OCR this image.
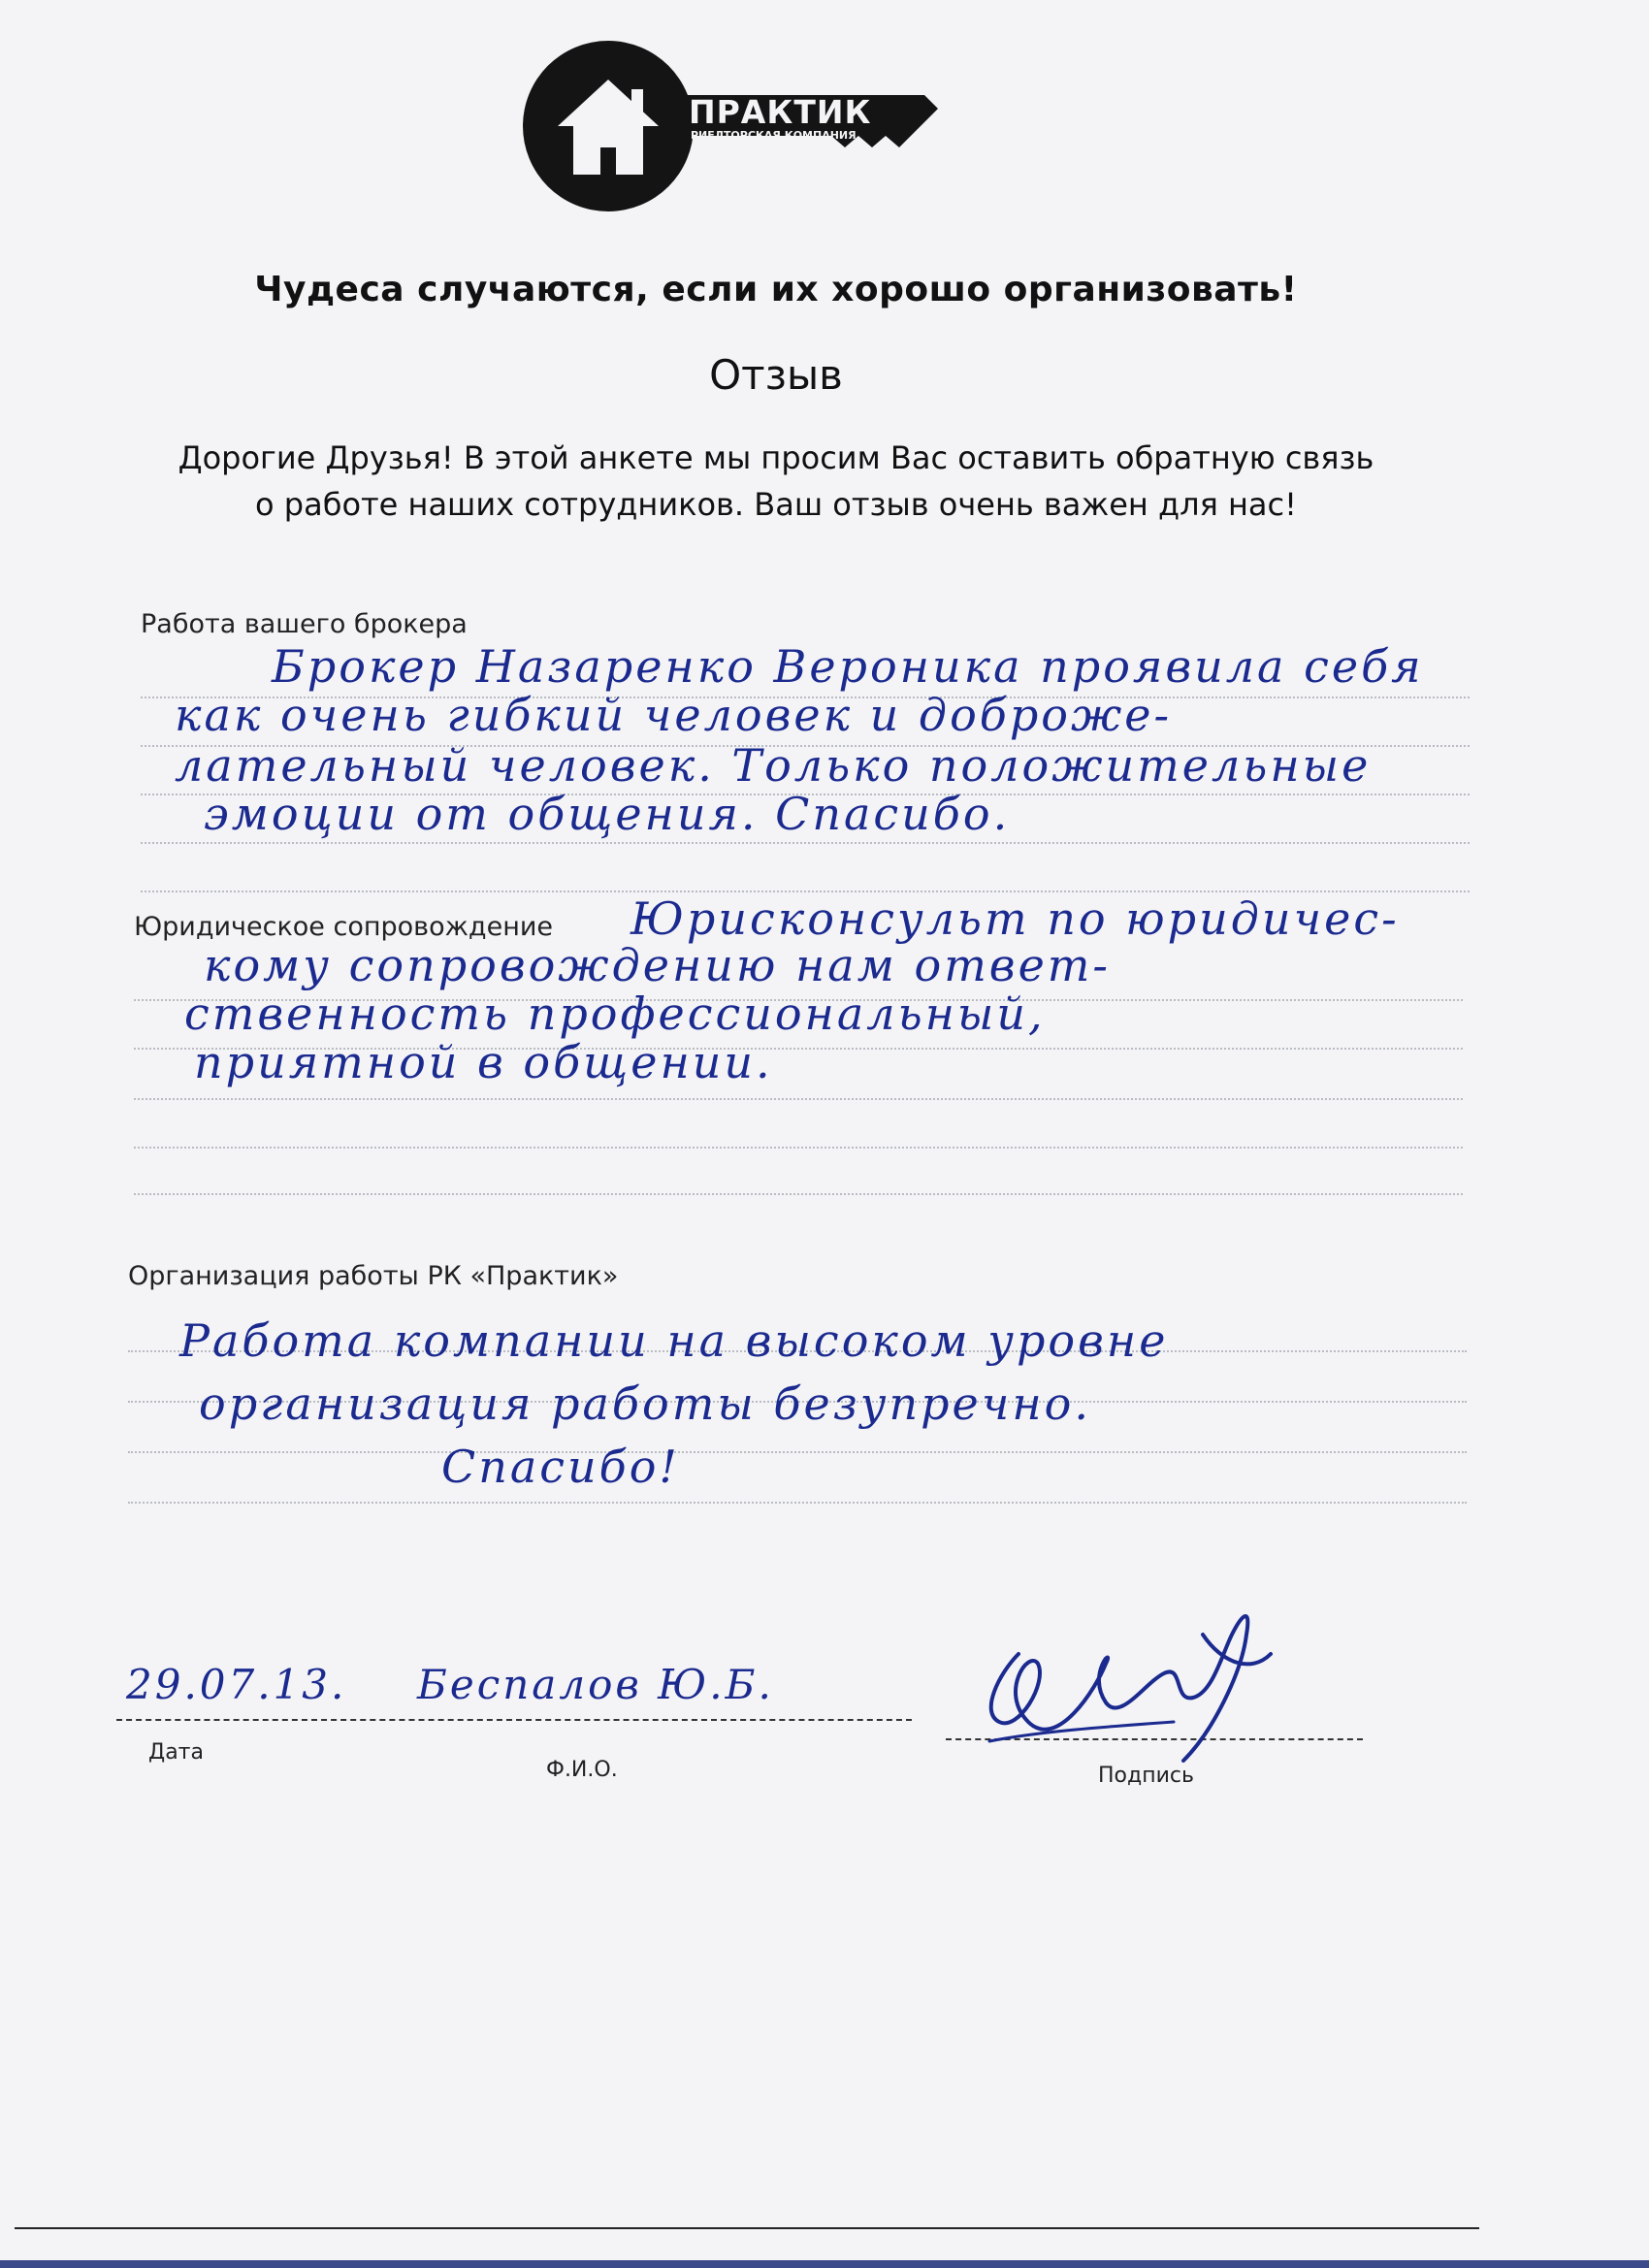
ПРАКТИК
РИЕЛТОРСКАЯ КОМПАНИЯ
Чудеса случаются, если их хорошо организовать!
Отзыв
Дорогие Друзья! В этой анкете мы просим Вас оставить обратную связь
о работе наших сотрудников. Ваш отзыв очень важен для нас!
Работа вашего брокера
Брокер Назаренко Вероника проявила себя
как очень гибкий человек и доброже-
лательный человек. Только положительные
эмоции от общения. Спасибо.
Юридическое сопровождение Юрисконсульт по юридичес-
кому сопровождению нам ответ-
ственность профессиональный,
приятной в общении.
Организация работы РК «Практик»
Работа компании на высоком уровне
организация работы безупречно.
Спасибо!
29.07.13. Беспалов Ю.Б.
Дата
Ф.И.О.	Подпись
